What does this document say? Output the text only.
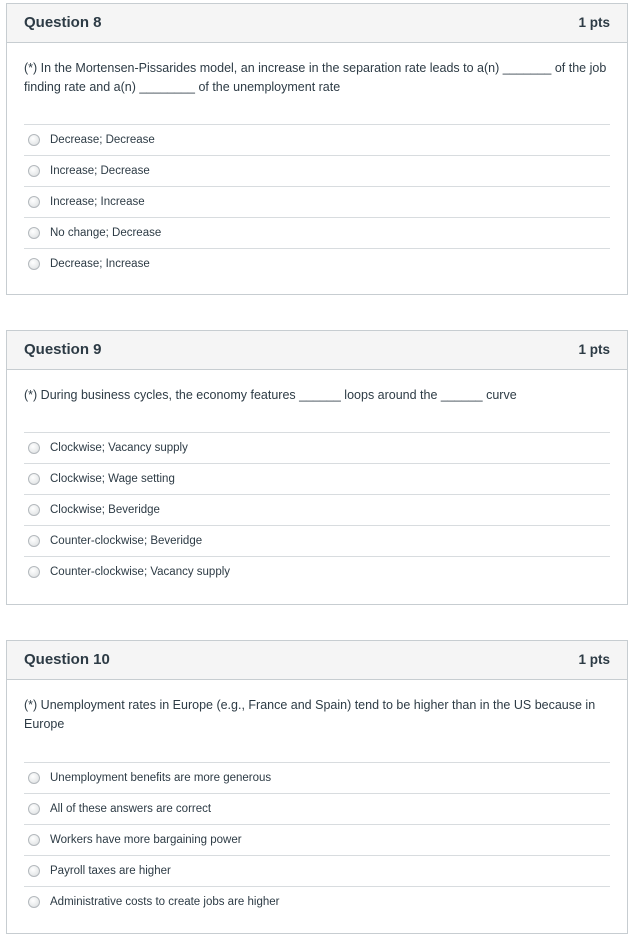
Question 8	1 pts

(*) In the Mortensen-Pissarides model, an increase in the separation rate leads to a(n) _______ of the job finding rate and a(n) ________ of the unemployment rate

Decrease; Decrease
Increase; Decrease
Increase; Increase
No change; Decrease
Decrease; Increase
Question 9	1 pts

(*) During business cycles, the economy features ______ loops around the ______ curve

Clockwise; Vacancy supply
Clockwise; Wage setting
Clockwise; Beveridge
Counter-clockwise; Beveridge
Counter-clockwise; Vacancy supply
Question 10	1 pts

(*) Unemployment rates in Europe (e.g., France and Spain) tend to be higher than in the US because in Europe

Unemployment benefits are more generous
All of these answers are correct
Workers have more bargaining power
Payroll taxes are higher
Administrative costs to create jobs are higher
